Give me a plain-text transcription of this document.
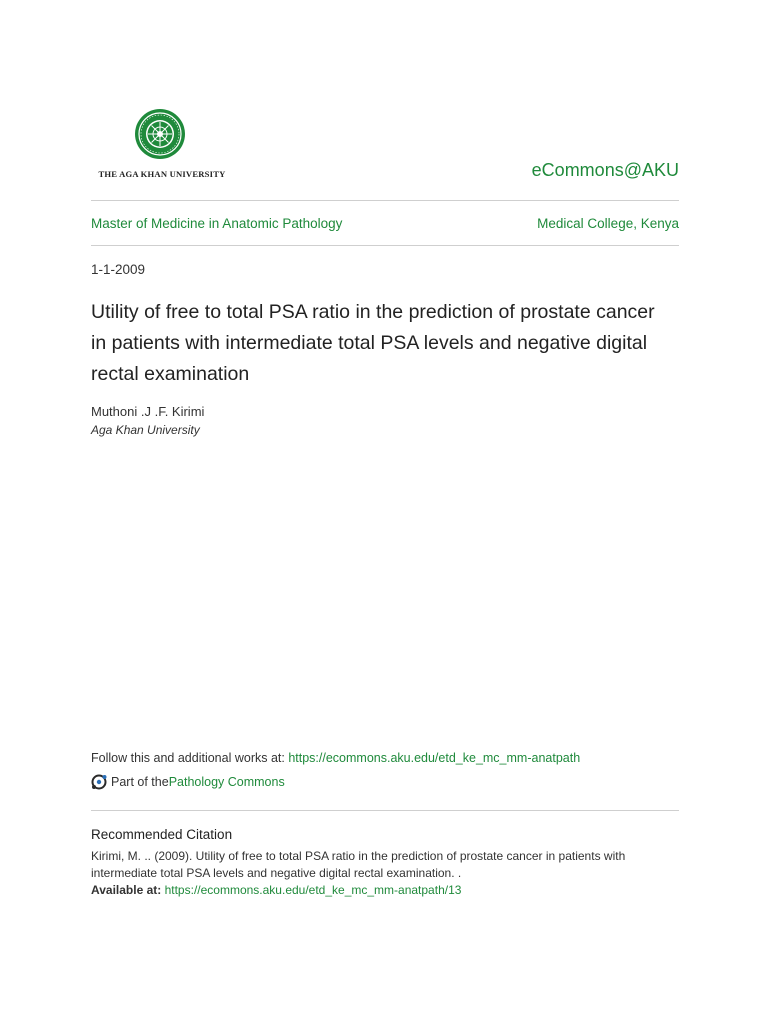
THE AGA KHAN UNIVERSITY	eCommons@AKU
Master of Medicine in Anatomic Pathology	Medical College, Kenya
1-1-2009
Utility of free to total PSA ratio in the prediction of prostate cancer
in patients with intermediate total PSA levels and negative digital
rectal examination
Muthoni .J .F. Kirimi
Aga Khan University
Follow this and additional works at: https://ecommons.aku.edu/etd_ke_mc_mm-anatpath
Part of the Pathology Commons
Recommended Citation
Kirimi, M. .. (2009). Utility of free to total PSA ratio in the prediction of prostate cancer in patients with
intermediate total PSA levels and negative digital rectal examination. .
Available at: https://ecommons.aku.edu/etd_ke_mc_mm-anatpath/13
